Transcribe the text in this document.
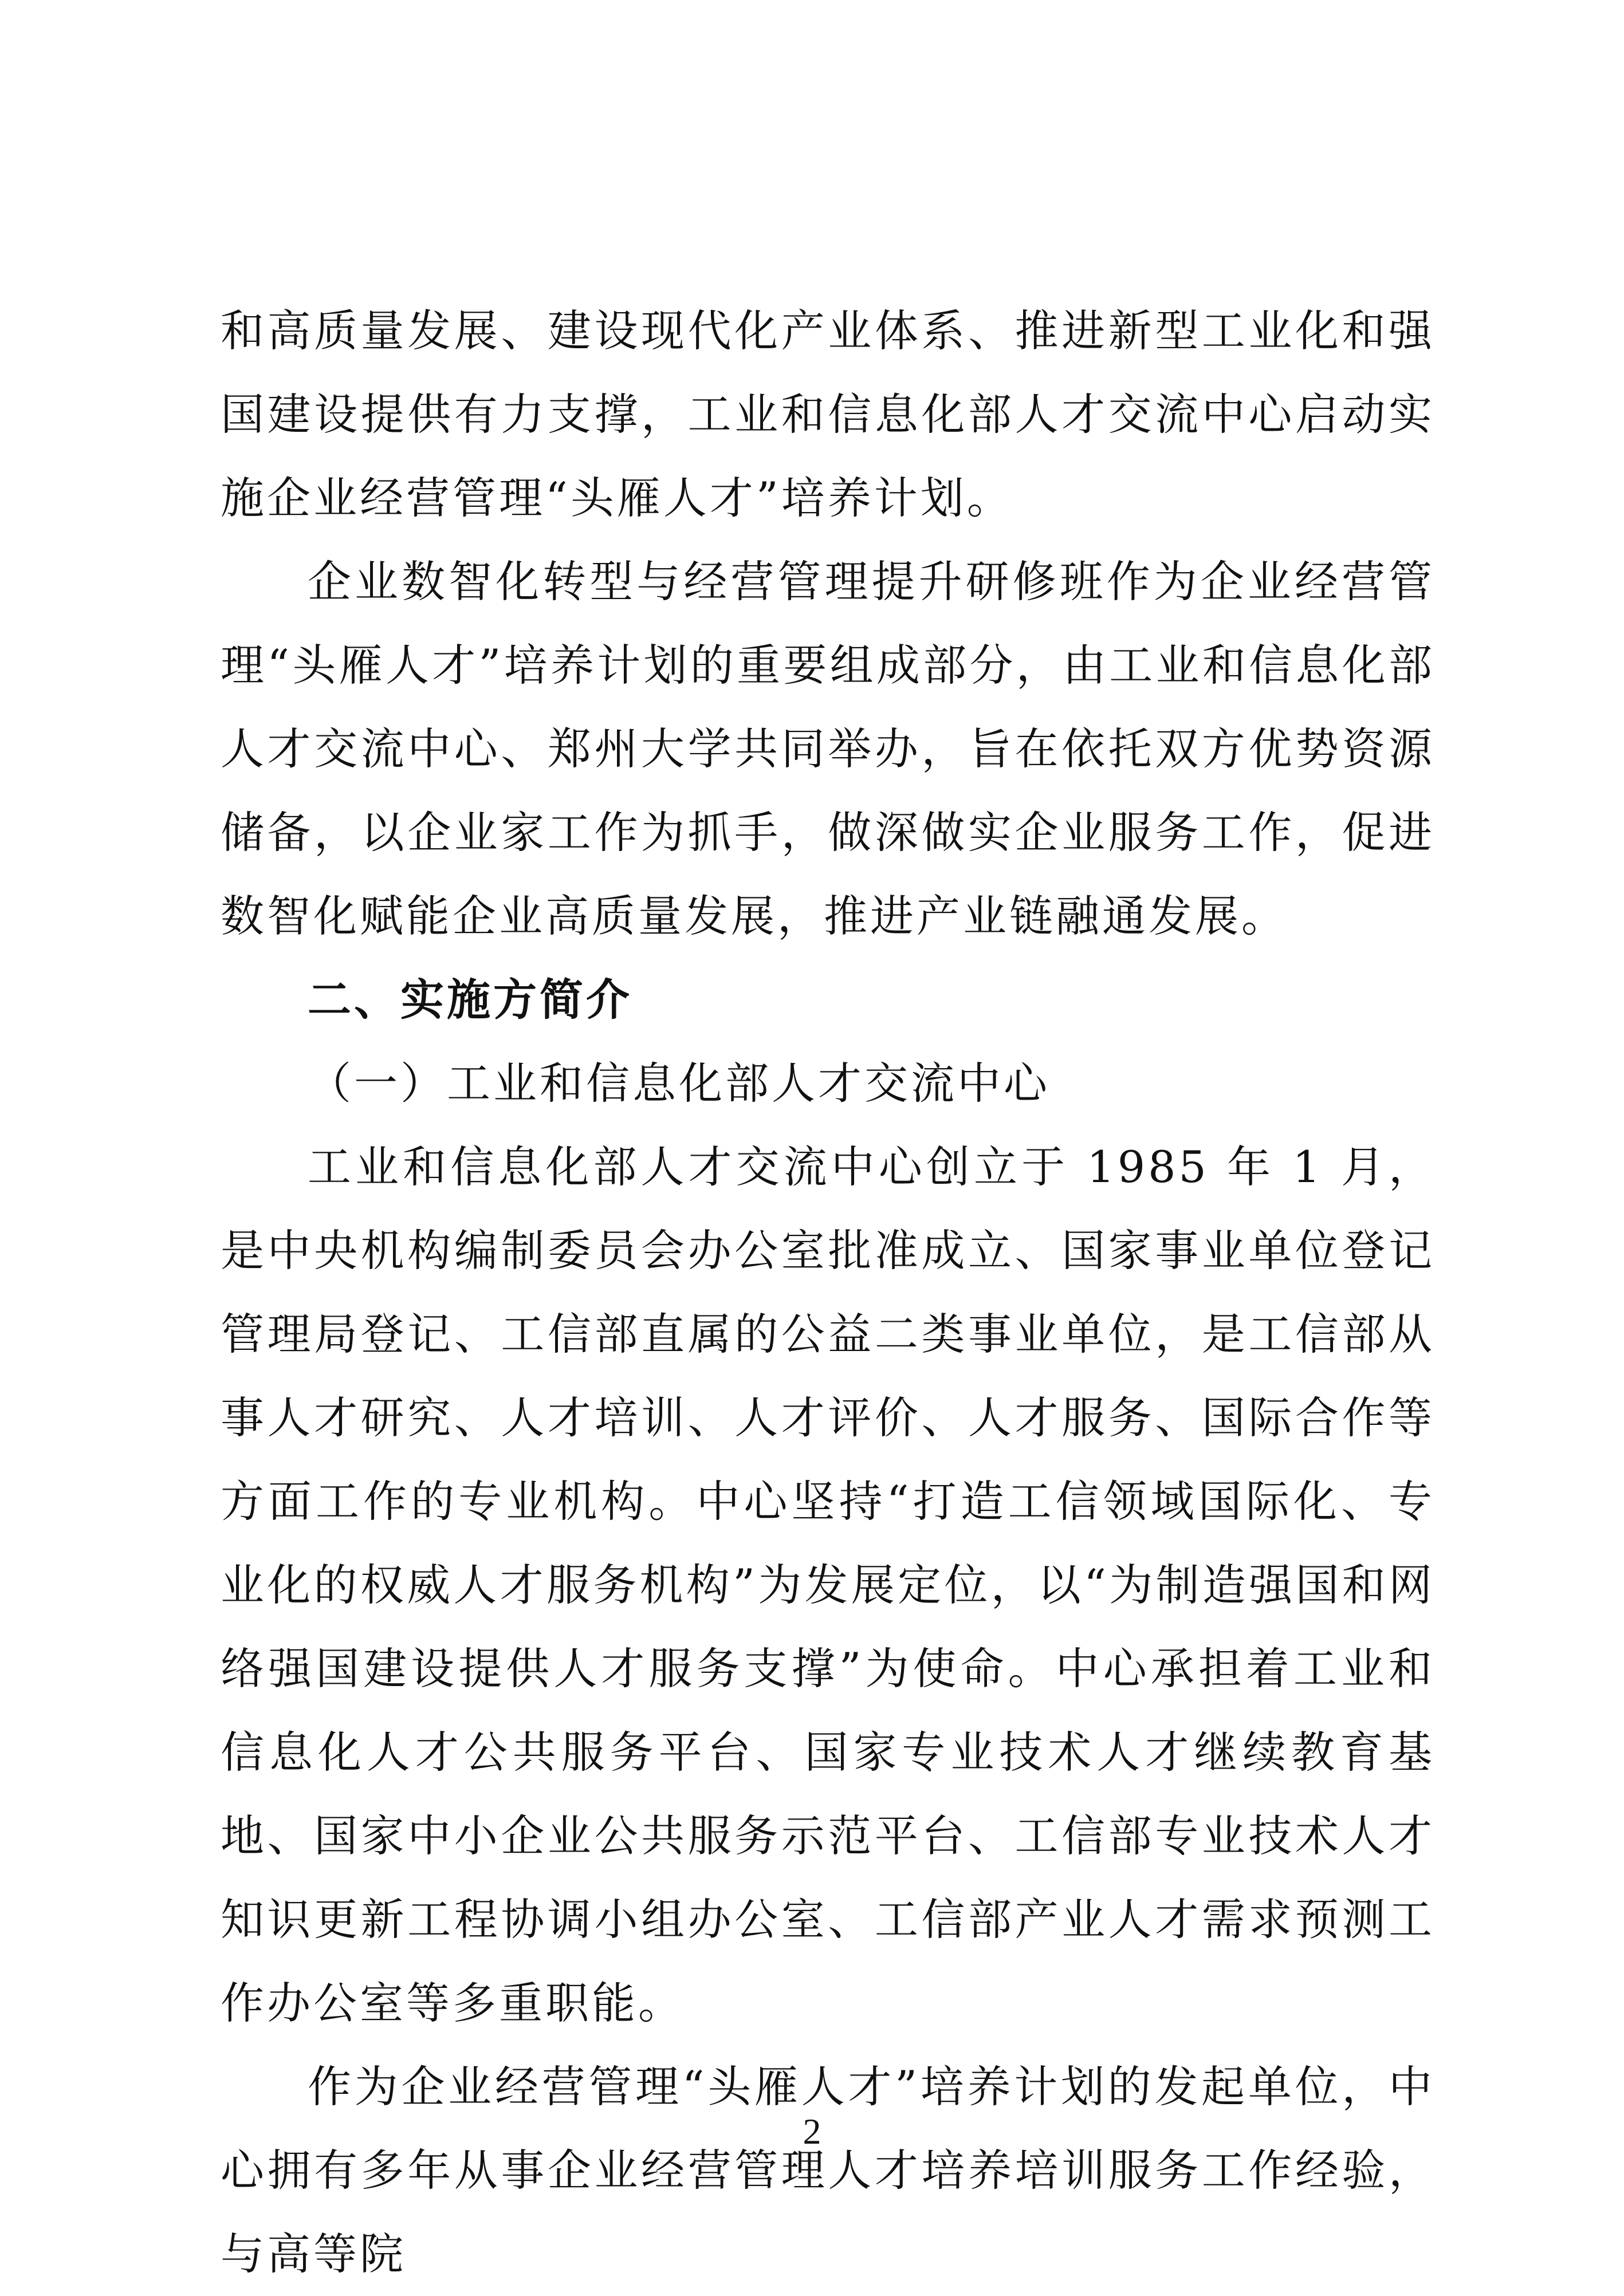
和高质量发展、建设现代化产业体系、推进新型工业化和强国建设提供有力支撑，工业和信息化部人才交流中心启动实施企业经营管理“头雁人才”培养计划。

企业数智化转型与经营管理提升研修班作为企业经营管理“头雁人才”培养计划的重要组成部分，由工业和信息化部人才交流中心、郑州大学共同举办，旨在依托双方优势资源储备，以企业家工作为抓手，做深做实企业服务工作，促进数智化赋能企业高质量发展，推进产业链融通发展。

二、实施方简介

（一）工业和信息化部人才交流中心

工业和信息化部人才交流中心创立于 1985 年 1 月，是中央机构编制委员会办公室批准成立、国家事业单位登记管理局登记、工信部直属的公益二类事业单位，是工信部从事人才研究、人才培训、人才评价、人才服务、国际合作等方面工作的专业机构。中心坚持“打造工信领域国际化、专业化的权威人才服务机构”为发展定位，以“为制造强国和网络强国建设提供人才服务支撑”为使命。中心承担着工业和信息化人才公共服务平台、国家专业技术人才继续教育基地、国家中小企业公共服务示范平台、工信部专业技术人才知识更新工程协调小组办公室、工信部产业人才需求预测工作办公室等多重职能。

作为企业经营管理“头雁人才”培养计划的发起单位，中心拥有多年从事企业经营管理人才培养培训服务工作经验，与高等院

2
